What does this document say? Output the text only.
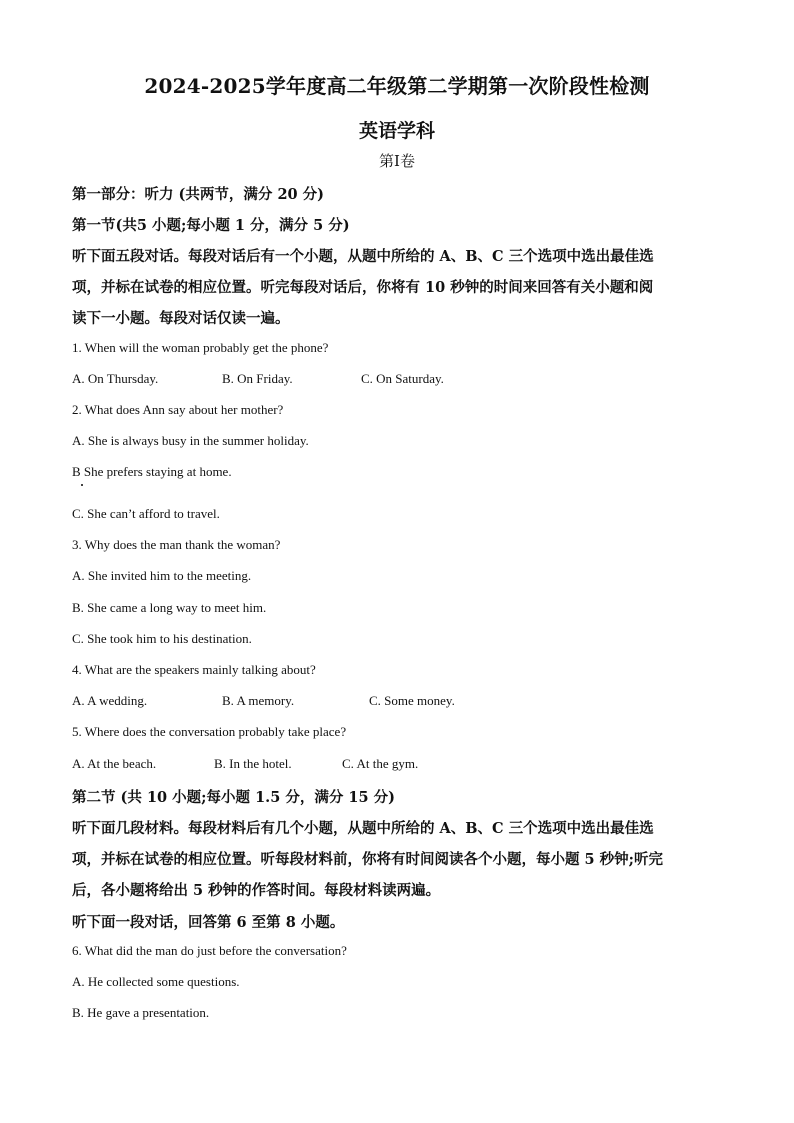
2024-2025学年度高二年级第二学期第一次阶段性检测
英语学科
第Ⅰ卷
第一部分：听力 (共两节，满分 20 分)
第一节(共5 小题;每小题 1 分，满分 5 分)
听下面五段对话。每段对话后有一个小题，从题中所给的 A、B、C 三个选项中选出最佳选
项，并标在试卷的相应位置。听完每段对话后，你将有 10 秒钟的时间来回答有关小题和阅
读下一小题。每段对话仅读一遍。
1. When will the woman probably get the phone?
A. On Thursday.	B. On Friday.	C. On Saturday.
2. What does Ann say about her mother?
A. She is always busy in the summer holiday.
B She prefers staying at home.
C. She can’t afford to travel.
3. Why does the man thank the woman?
A. She invited him to the meeting.
B. She came a long way to meet him.
C. She took him to his destination.
4. What are the speakers mainly talking about?
A. A wedding.	B. A memory.	C. Some money.
5. Where does the conversation probably take place?
A. At the beach.	B. In the hotel.	C. At the gym.
第二节 (共 10 小题;每小题 1.5 分，满分 15 分)
听下面几段材料。每段材料后有几个小题，从题中所给的 A、B、C 三个选项中选出最佳选
项，并标在试卷的相应位置。听每段材料前，你将有时间阅读各个小题，每小题 5 秒钟;听完
后，各小题将给出 5 秒钟的作答时间。每段材料读两遍。
听下面一段对话，回答第 6 至第 8 小题。
6. What did the man do just before the conversation?
A. He collected some questions.
B. He gave a presentation.
